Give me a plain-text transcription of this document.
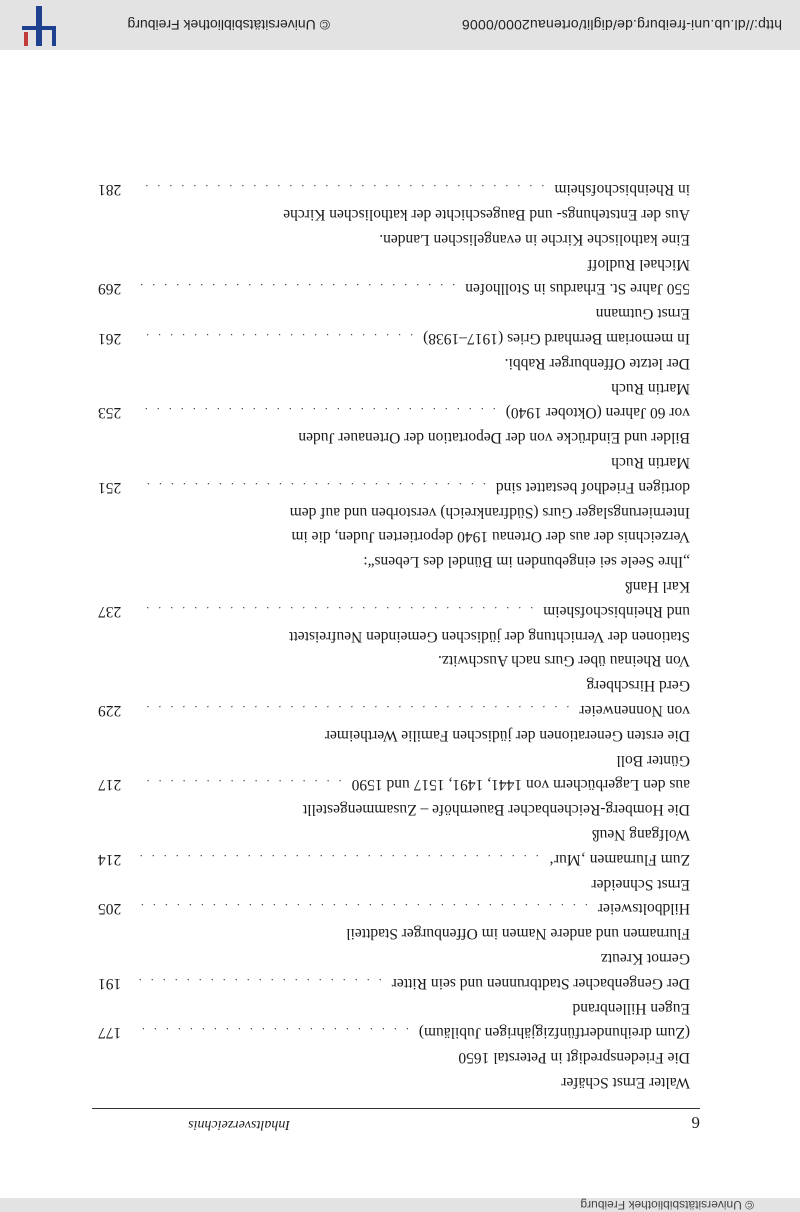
© Universitätsbibliothek Freiburg
6
Inhaltsverzeichnis
Walter Ernst Schäfer
Die Friedenspredigt in Peterstal 1650
(Zum dreihundertfünfzigjährigen Jubiläum)
. . .
177
Eugen Hillenbrand
Der Gengenbacher Stadtbrunnen und sein Ritter
. . .
191
Gernot Kreutz
Flurnamen und andere Namen im Offenburger Stadtteil
Hildboltsweier
. . .
205
Ernst Schneider
Zum Flurnamen ‚Mur‘
. . .
214
Wolfgang Neuß
Die Homberg-Reichenbacher Bauernhöfe – Zusammengestellt
aus den Lagerbüchern von 1441, 1491, 1517 und 1590
. . .
217
Günter Boll
Die ersten Generationen der jüdischen Familie Wertheimer
von Nonnenweier
. . .
229
Gerd Hirschberg
Von Rheinau über Gurs nach Auschwitz.
Stationen der Vernichtung der jüdischen Gemeinden Neufreistett
und Rheinbischofsheim
. . .
237
Karl Hanß
„Ihre Seele sei eingebunden im Bündel des Lebens“:
Verzeichnis der aus der Ortenau 1940 deportierten Juden, die im
Internierungslager Gurs (Südfrankreich) verstorben und auf dem
dortigen Friedhof bestattet sind
. . .
251
Martin Ruch
Bilder und Eindrücke von der Deportation der Ortenauer Juden
vor 60 Jahren (Oktober 1940)
. . .
253
Martin Ruch
Der letzte Offenburger Rabbi.
In memoriam Bernhard Gries (1917–1938)
. . .
261
Ernst Gutmann
550 Jahre St. Erhardus in Stollhofen
. . .
269
Michael Rudloff
Eine katholische Kirche in evangelischen Landen.
Aus der Entstehungs- und Baugeschichte der katholischen Kirche
in Rheinbischofsheim
. . .
281
http://dl.ub.uni-freiburg.de/diglit/ortenau2000/0006
© Universitätsbibliothek Freiburg
